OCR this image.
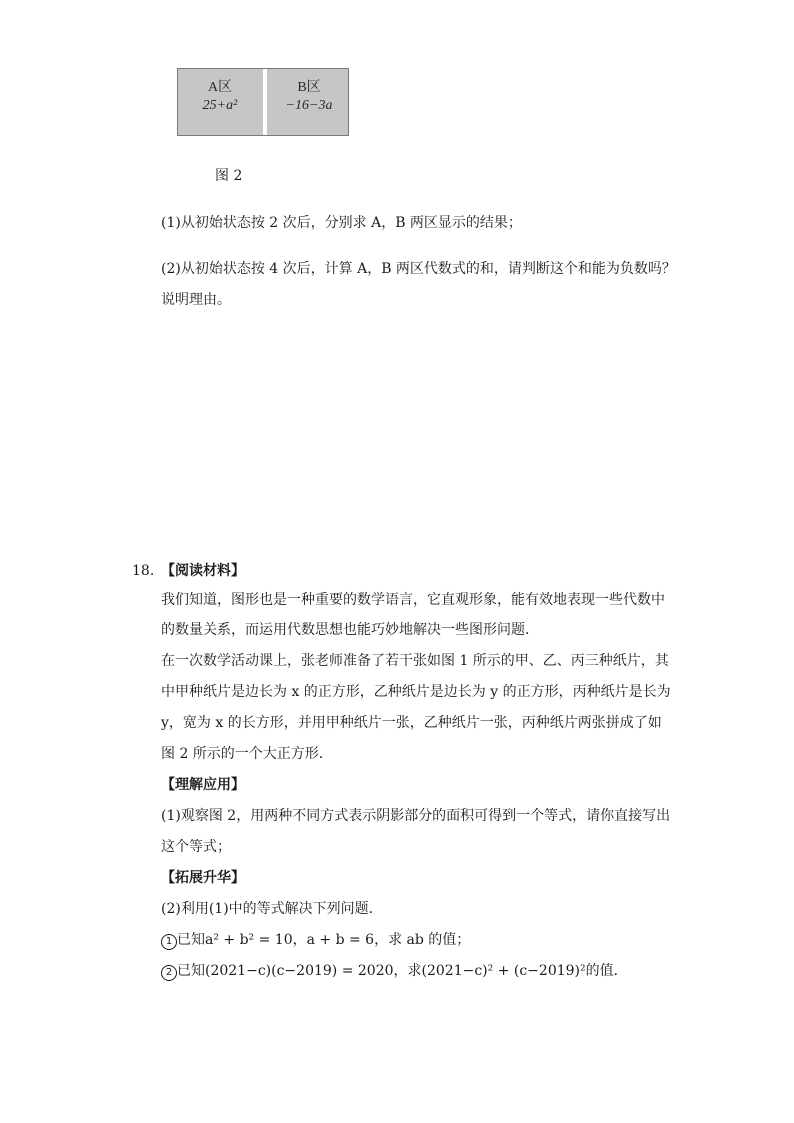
A区
25+a²
B区
−16−3a
图 2
(1)从初始状态按 2 次后，分别求 A，B 两区显示的结果；
(2)从初始状态按 4 次后，计算 A，B 两区代数式的和，请判断这个和能为负数吗？
说明理由。
18. 【阅读材料】
我们知道，图形也是一种重要的数学语言，它直观形象，能有效地表现一些代数中
的数量关系，而运用代数思想也能巧妙地解决一些图形问题．
在一次数学活动课上，张老师准备了若干张如图 1 所示的甲、乙、丙三种纸片，其
中甲种纸片是边长为 x 的正方形，乙种纸片是边长为 y 的正方形，丙种纸片是长为
y，宽为 x 的长方形，并用甲种纸片一张，乙种纸片一张，丙种纸片两张拼成了如
图 2 所示的一个大正方形．
【理解应用】
(1)观察图 2，用两种不同方式表示阴影部分的面积可得到一个等式，请你直接写出
这个等式；
【拓展升华】
(2)利用(1)中的等式解决下列问题．
1 已知a² + b² = 10，a + b = 6，求 ab 的值；
2 已知(2021−c)(c−2019) = 2020，求(2021−c)² + (c−2019)²的值．
